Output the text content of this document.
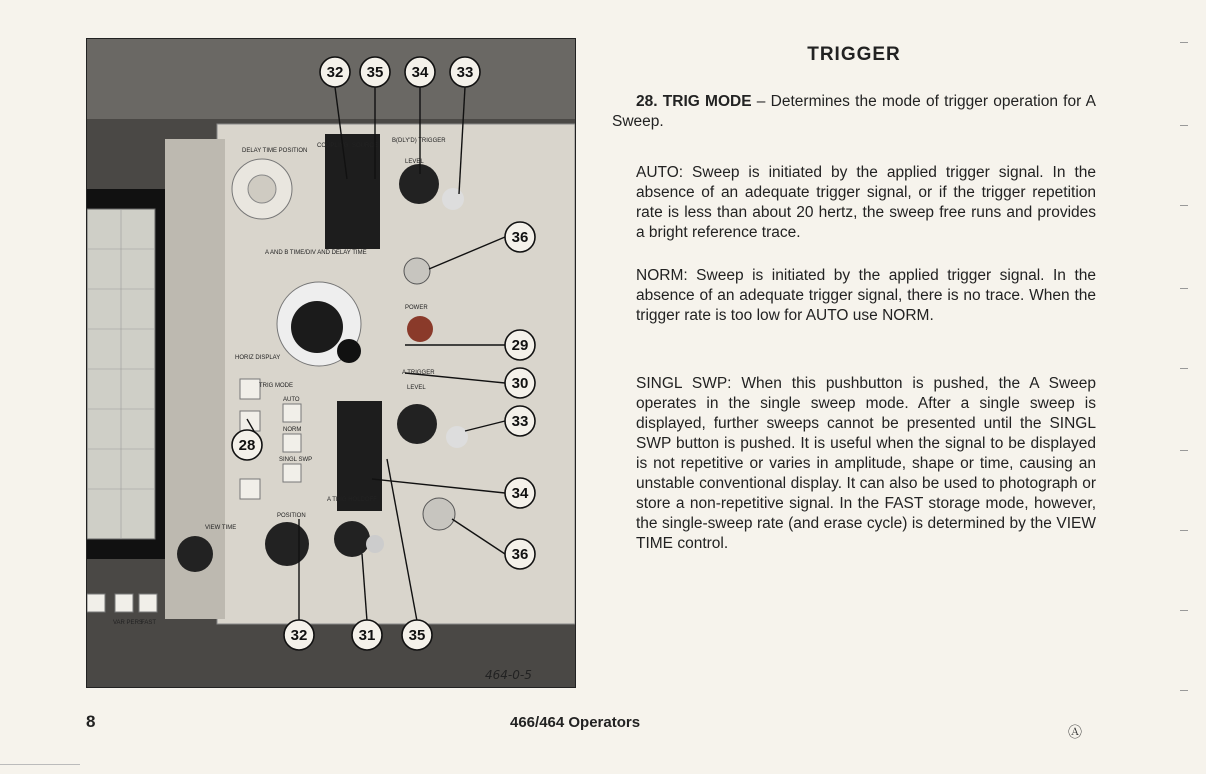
DELAY TIME POSITION
COUPLING SOURCE
B(DLY'D) TRIGGER
LEVEL
A AND B TIME/DIV AND DELAY TIME
POWER
A TRIGGER
LEVEL
TRIG MODE
AUTO
NORM
SINGL SWP
HORIZ DISPLAY
A TRIG HOLDOFF
POSITION
VIEW TIME
FAST
VAR PERS
32 35 34 33
36
29
30
33
34
36
28
32	31 35
464-0-5
TRIGGER
28. TRIG MODE – Determines the mode of trigger operation for A Sweep.
AUTO: Sweep is initiated by the applied trigger signal. In the absence of an adequate trigger signal, or if the trigger repetition rate is less than about 20 hertz, the sweep free runs and provides a bright reference trace.
NORM: Sweep is initiated by the applied trigger signal. In the absence of an adequate trigger signal, there is no trace. When the trigger rate is too low for AUTO use NORM.
SINGL SWP: When this pushbutton is pushed, the A Sweep operates in the single sweep mode. After a single sweep is displayed, further sweeps cannot be presented until the SINGL SWP button is pushed. It is useful when the signal to be displayed is not repetitive or varies in amplitude, shape or time, causing an unstable conventional display. It can also be used to photograph or store a non-repetitive signal. In the FAST storage mode, however, the single-sweep rate (and erase cycle) is determined by the VIEW TIME control.
8	466/464 Operators
Ⓐ
